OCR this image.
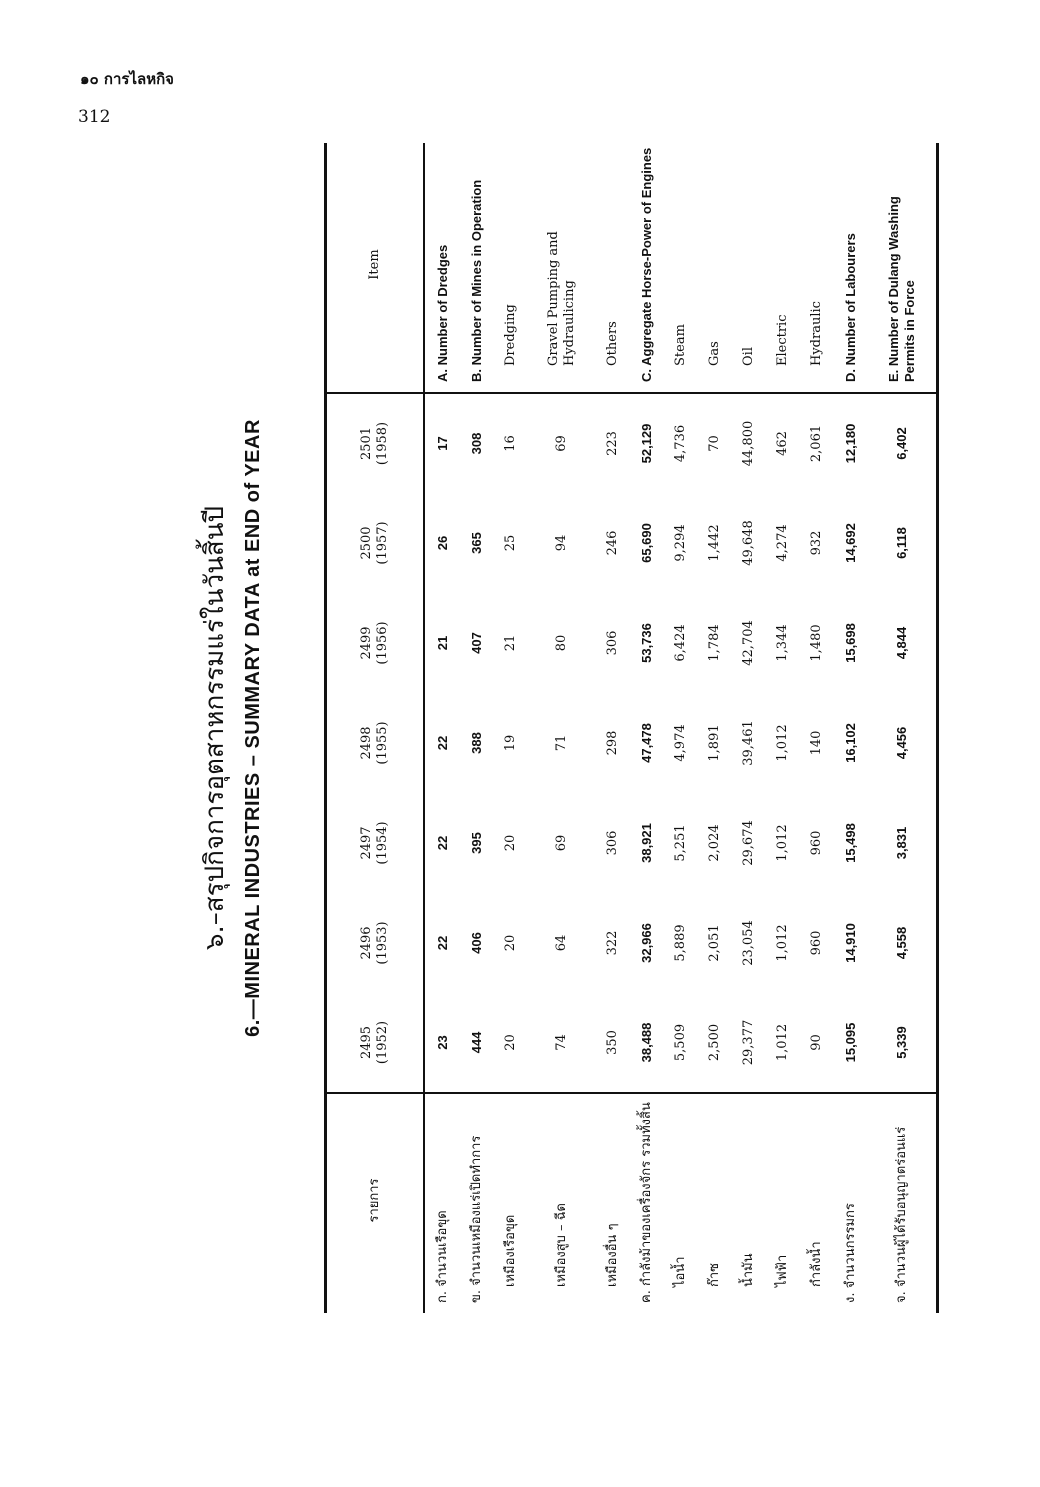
๑๐ การไลหกิจ
312
๖.–สรุปกิจการอุตสาหกรรมแร่ในวันสิ้นปี 6.—MINERAL INDUSTRIES – SUMMARY DATA at END of YEAR
รายการ	2495 (1952)	2496 (1953)	2497 (1954)	2498 (1955)	2499 (1956)	2500 (1957)	2501 (1958)	Item
ก. จำนวนเรือขุด	23	22	22	22	21	26	17	A. Number of Dredges
ข. จำนวนเหมืองแร่เปิดทำการ	444	406	395	388	407	365	308	B. Number of Mines in Operation
เหมืองเรือขุด	20	20	20	19	21	25	16	Dredging
เหมืองสูบ – ฉีด	74	64	69	71	80	94	69	Gravel Pumping and Hydraulicing
เหมืองอื่น ๆ	350	322	306	298	306	246	223	Others
ค. กำลังม้าของเครื่องจักร รวมทั้งสิ้น	38,488	32,966	38,921	47,478	53,736	65,690	52,129	C. Aggregate Horse-Power of Engines
ไอน้ำ	5,509	5,889	5,251	4,974	6,424	9,294	4,736	Steam
ก๊าซ	2,500	2,051	2,024	1,891	1,784	1,442	70	Gas
น้ำมัน	29,377	23,054	29,674	39,461	42,704	49,648	44,800	Oil
ไฟฟ้า	1,012	1,012	1,012	1,012	1,344	4,274	462	Electric
กำลังน้ำ	90	960	960	140	1,480	932	2,061	Hydraulic
ง. จำนวนกรรมกร	15,095	14,910	15,498	16,102	15,698	14,692	12,180	D. Number of Labourers
จ. จำนวนผู้ได้รับอนุญาตร่อนแร่	5,339	4,558	3,831	4,456	4,844	6,118	6,402	E. Number of Dulang Washing Permits in Force
